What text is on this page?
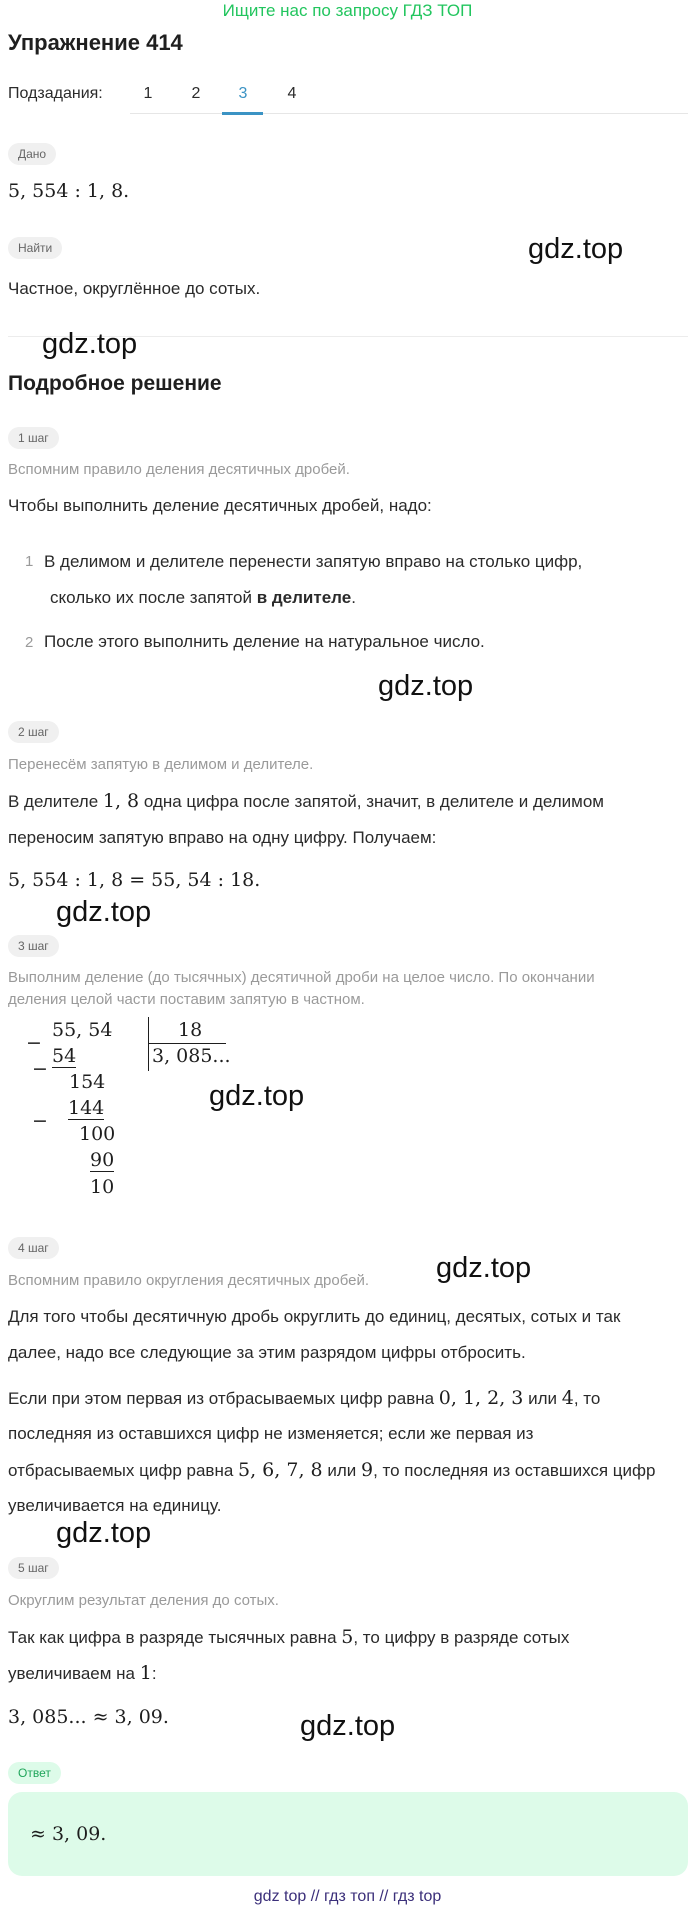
Ищите нас по запросу ГДЗ ТОП
Упражнение 414
Подзадания:	1	2	3	4
Дано
5, 554 : 1, 8.
Найти	gdz.top
Частное, округлённое до сотых.
gdz.top
Подробное решение
1 шаг
Вспомним правило деления десятичных дробей.
Чтобы выполнить деление десятичных дробей, надо:
1 В делимом и делителе перенести запятую вправо на столько цифр,
сколько их после запятой в делителе.
2 После этого выполнить деление на натуральное число.
gdz.top
2 шаг
Перенесём запятую в делимом и делителе.
В делителе 1, 8 одна цифра после запятой, значит, в делителе и делимом
переносим запятую вправо на одну цифру. Получаем:
5, 554 : 1, 8 = 55, 54 : 18.
gdz.top
3 шаг
Выполним деление (до тысячных) десятичной дроби на целое число. По окончании
деления целой части поставим запятую в частном.
−
55, 54
54
18
3, 085...
−
154
144
−
100
90
10
gdz.top
4 шаг
gdz.top
Вспомним правило округления десятичных дробей.
Для того чтобы десятичную дробь округлить до единиц, десятых, сотых и так
далее, надо все следующие за этим разрядом цифры отбросить.
Если при этом первая из отбрасываемых цифр равна 0, 1, 2, 3 или 4, то
последняя из оставшихся цифр не изменяется; если же первая из
отбрасываемых цифр равна 5, 6, 7, 8 или 9, то последняя из оставшихся цифр
увеличивается на единицу.
gdz.top
5 шаг
Округлим результат деления до сотых.
Так как цифра в разряде тысячных равна 5, то цифру в разряде сотых
увеличиваем на 1:
3, 085... ≈ 3, 09.	gdz.top
Ответ
≈ 3, 09.
gdz top // гдз топ // гдз top
